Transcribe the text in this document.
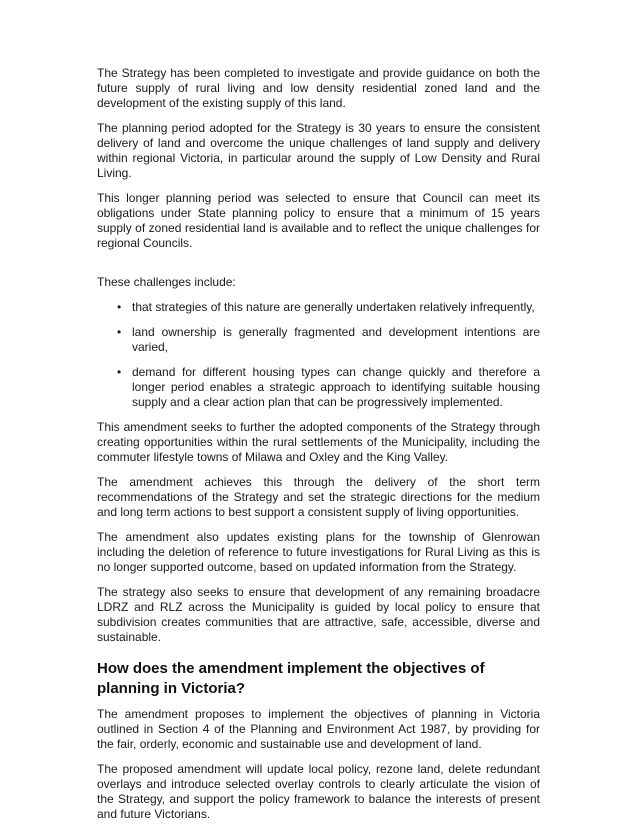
The Strategy has been completed to investigate and provide guidance on both the future supply of rural living and low density residential zoned land and the development of the existing supply of this land.

The planning period adopted for the Strategy is 30 years to ensure the consistent delivery of land and overcome the unique challenges of land supply and delivery within regional Victoria, in particular around the supply of Low Density and Rural Living.

This longer planning period was selected to ensure that Council can meet its obligations under State planning policy to ensure that a minimum of 15 years supply of zoned residential land is available and to reflect the unique challenges for regional Councils.

These challenges include:

• that strategies of this nature are generally undertaken relatively infrequently,
• land ownership is generally fragmented and development intentions are varied,
• demand for different housing types can change quickly and therefore a longer period enables a strategic approach to identifying suitable housing supply and a clear action plan that can be progressively implemented.

This amendment seeks to further the adopted components of the Strategy through creating opportunities within the rural settlements of the Municipality, including the commuter lifestyle towns of Milawa and Oxley and the King Valley.

The amendment achieves this through the delivery of the short term recommendations of the Strategy and set the strategic directions for the medium and long term actions to best support a consistent supply of living opportunities.

The amendment also updates existing plans for the township of Glenrowan including the deletion of reference to future investigations for Rural Living as this is no longer supported outcome, based on updated information from the Strategy.

The strategy also seeks to ensure that development of any remaining broadacre LDRZ and RLZ across the Municipality is guided by local policy to ensure that subdivision creates communities that are attractive, safe, accessible, diverse and sustainable.

How does the amendment implement the objectives of planning in Victoria?

The amendment proposes to implement the objectives of planning in Victoria outlined in Section 4 of the Planning and Environment Act 1987, by providing for the fair, orderly, economic and sustainable use and development of land.

The proposed amendment will update local policy, rezone land, delete redundant overlays and introduce selected overlay controls to clearly articulate the vision of the Strategy, and support the policy framework to balance the interests of present and future Victorians.
